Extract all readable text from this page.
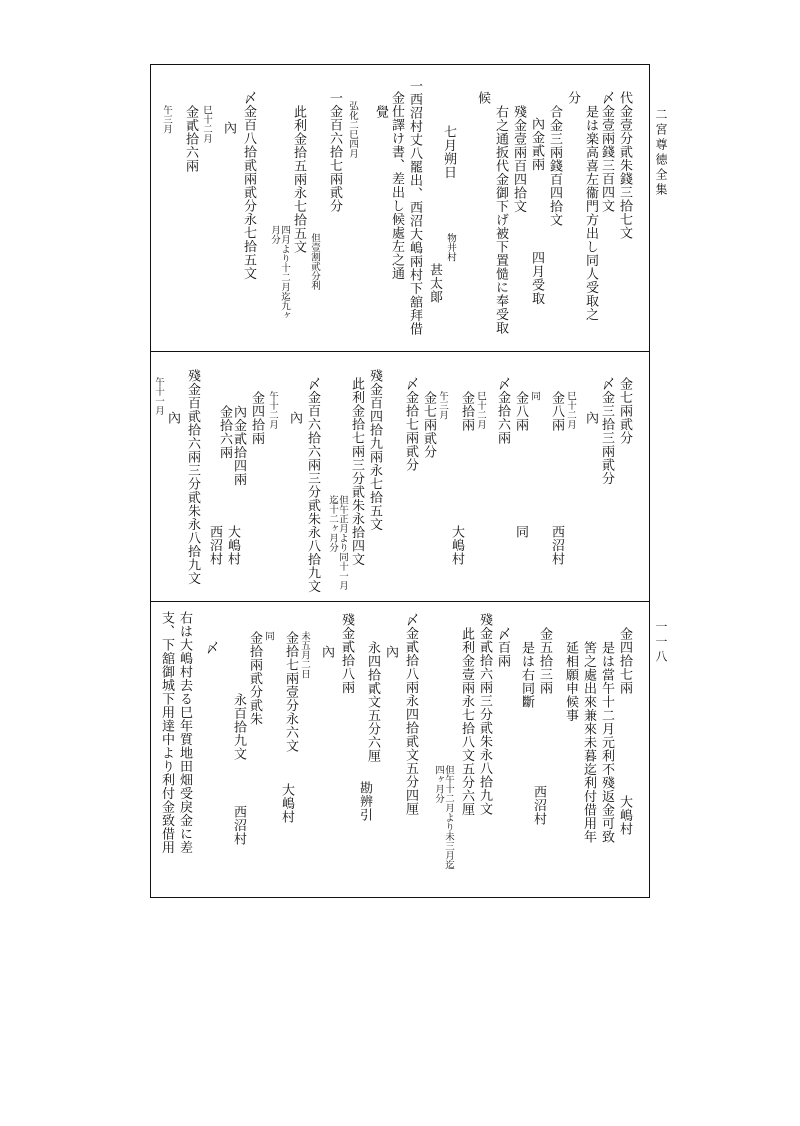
二宮尊徳全集
一一八
代金壹分貮朱錢三拾七文
〆金壹兩錢三百四文
是は楽高喜左衞門方出し同人受取之
分
合金三兩錢百四拾文
內金貳兩
四月受取
殘金壹兩百四拾文
右之通扳代金御下げ被下置慥に奉受取
候
七月朔日
物井村
甚太郞
一西沼村丈八罷出、西沼大嶋兩村下舘拜借
金仕譯け書、差出し候處左之通
覺
弘化二巳四月
一金百六拾七兩貮分
但壹割貮分利
此利金拾五兩永七拾五文
四月より十二月迄九ヶ月分
〆金百八拾貮兩貮分永七拾五文
內
巳十二月
金貳拾六兩
午三月
金七兩貮分
〆金三拾三兩貮分
內
巳十二月
金八兩
西沼村
同
金八兩
同
〆金拾六兩
巳十二月
金拾兩
大嶋村
午三月
金七兩貮分
〆金拾七兩貮分
殘金百四拾九兩永七拾五文
此利金拾七兩三分貮朱永拾四文
但午正月より同十一月迄十二ヶ月分
〆金百六拾六兩三分貮朱永八拾九文
內
午十二月
金四拾兩
內金貳拾四兩
大嶋村
金拾六兩
西沼村
殘金百貮拾六兩三分貮朱永八拾九文
內
午十一月
金四拾七兩
大嶋村
是は當午十二月元利不殘返金可致
筈之處出來兼來未暮迄利付借用年
延相願申候事
金五拾三兩
西沼村
是は右同斷
〆百兩
殘金貳拾六兩三分貮朱永八拾九文
此利金壹兩永七拾八文五分六厘
但午十二月より未三月迄四ヶ月分
〆金貳拾八兩永四拾貮文五分四厘
內
永四拾貳文五分六厘
勘辨引
殘金貳拾八兩
內
未五月二日
金拾七兩壹分永六文
大嶋村
同
金拾兩貮分貮朱
永百拾九文
西沼村
〆
右は大嶋村去る巳年質地田畑受戾金に差
支、下舘御城下用達中より利付金致借用
